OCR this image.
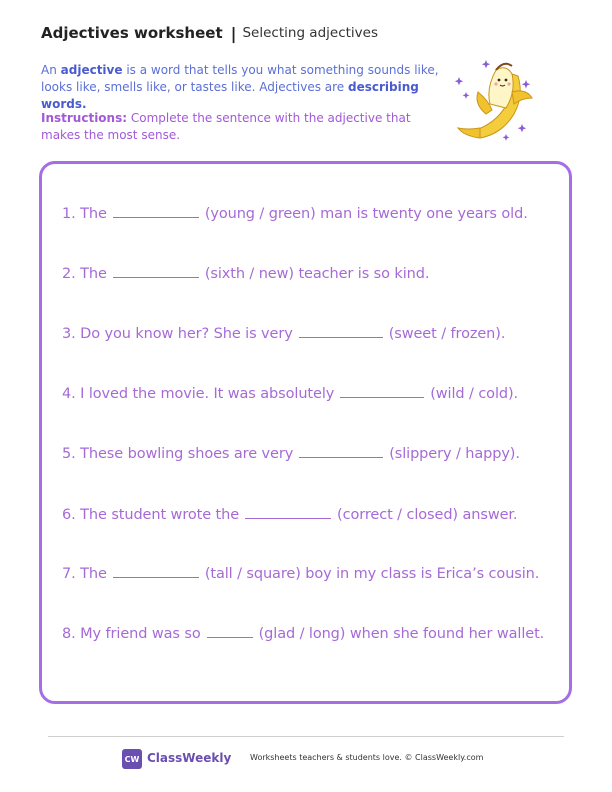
Adjectives worksheet | Selecting adjectives
An adjective is a word that tells you what something sounds like, looks like, smells like, or tastes like. Adjectives are describing words.
Instructions: Complete the sentence with the adjective that makes the most sense.
1. The	(young / green) man is twenty one years old.
2. The	(sixth / new) teacher is so kind.
3. Do you know her? She is very	(sweet / frozen).
4. I loved the movie. It was absolutely	(wild / cold).
5. These bowling shoes are very	(slippery / happy).
6. The student wrote the	(correct / closed) answer.
7. The	(tall / square) boy in my class is Erica’s cousin.
8. My friend was so	(glad / long) when she found her wallet.
CW ClassWeekly Worksheets teachers & students love. © ClassWeekly.com
